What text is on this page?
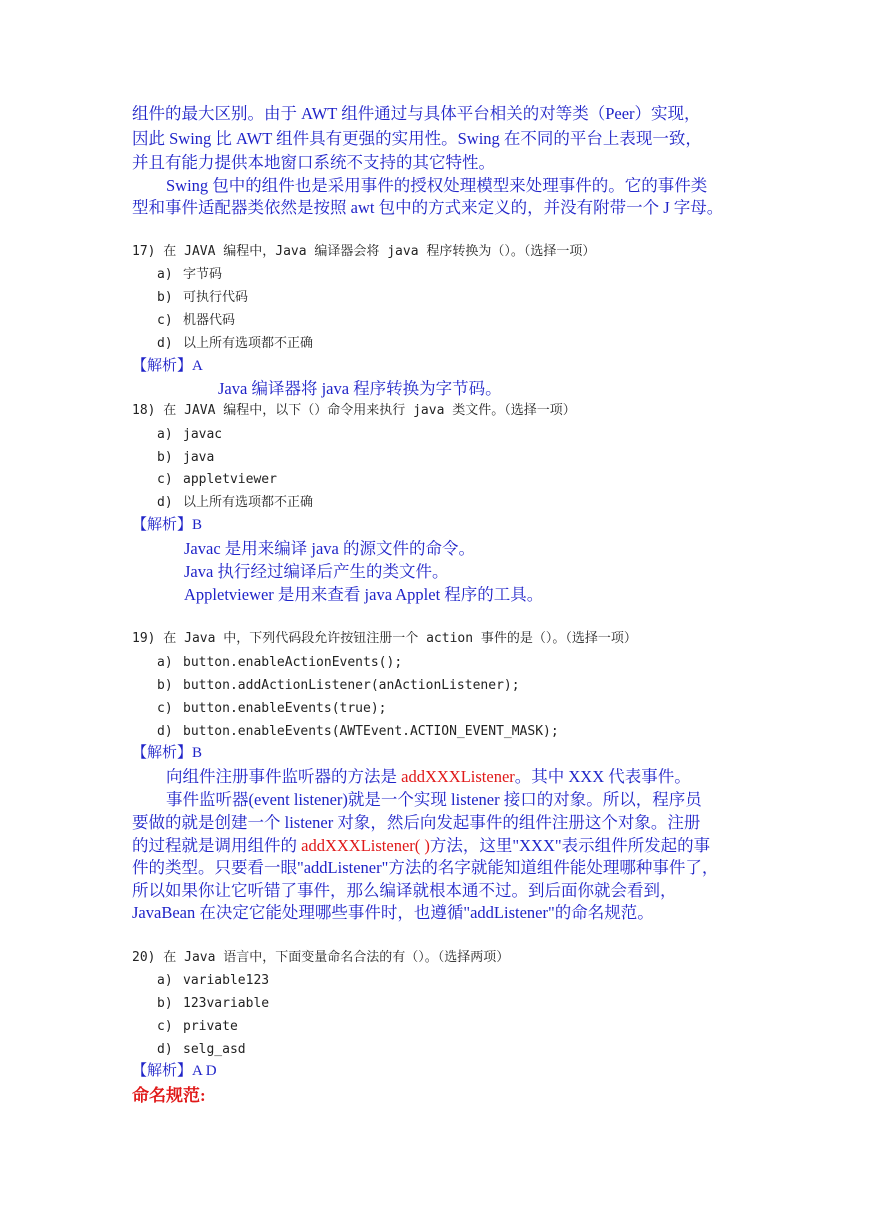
组件的最大区别。由于 AWT 组件通过与具体平台相关的对等类（Peer）实现，
因此 Swing 比 AWT 组件具有更强的实用性。Swing 在不同的平台上表现一致，
并且有能力提供本地窗口系统不支持的其它特性。
Swing 包中的组件也是采用事件的授权处理模型来处理事件的。它的事件类
型和事件适配器类依然是按照 awt 包中的方式来定义的，并没有附带一个 J 字母。
17) 在 JAVA 编程中，Java 编译器会将 java 程序转换为（）。（选择一项）
a) 字节码
b) 可执行代码
c) 机器代码
d) 以上所有选项都不正确
【解析】A
Java 编译器将 java 程序转换为字节码。
18) 在 JAVA 编程中，以下（）命令用来执行 java 类文件。（选择一项）
a) javac
b) java
c) appletviewer
d) 以上所有选项都不正确
【解析】B
Javac 是用来编译 java 的源文件的命令。
Java 执行经过编译后产生的类文件。
Appletviewer 是用来查看 java Applet 程序的工具。
19) 在 Java 中，下列代码段允许按钮注册一个 action 事件的是（）。（选择一项）
a) button.enableActionEvents();
b) button.addActionListener(anActionListener);
c) button.enableEvents(true);
d) button.enableEvents(AWTEvent.ACTION_EVENT_MASK);
【解析】B
向组件注册事件监听器的方法是 addXXXListener。其中 XXX 代表事件。
事件监听器(event listener)就是一个实现 listener 接口的对象。所以，程序员
要做的就是创建一个 listener 对象，然后向发起事件的组件注册这个对象。注册
的过程就是调用组件的 addXXXListener( )方法，这里"XXX"表示组件所发起的事
件的类型。只要看一眼"addListener"方法的名字就能知道组件能处理哪种事件了，
所以如果你让它听错了事件，那么编译就根本通不过。到后面你就会看到，
JavaBean 在决定它能处理哪些事件时，也遵循"addListener"的命名规范。
20) 在 Java 语言中，下面变量命名合法的有（）。（选择两项）
a) variable123
b) 123variable
c) private
d) selg_asd
【解析】A D
命名规范:
